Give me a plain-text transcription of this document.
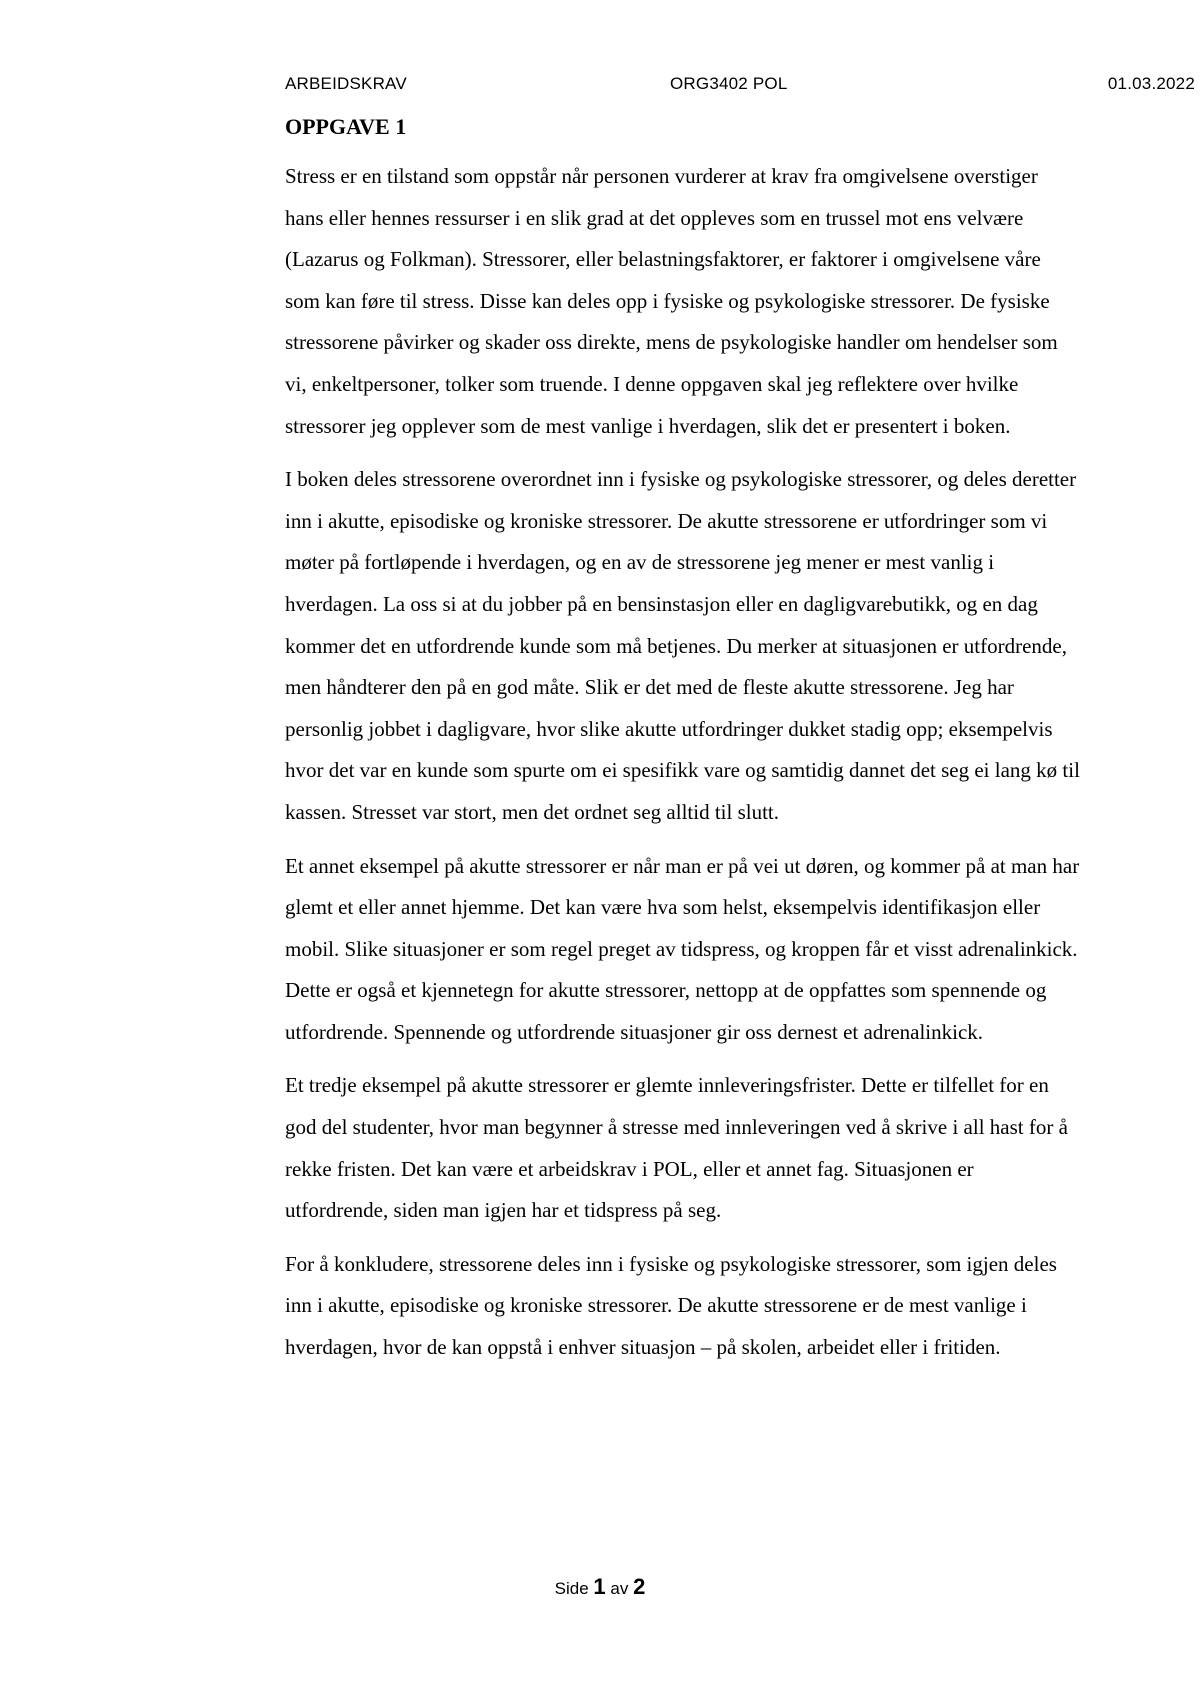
ARBEIDSKRAV	ORG3402 POL	01.03.2022
OPPGAVE 1

Stress er en tilstand som oppstår når personen vurderer at krav fra omgivelsene overstiger hans eller hennes ressurser i en slik grad at det oppleves som en trussel mot ens velvære (Lazarus og Folkman). Stressorer, eller belastningsfaktorer, er faktorer i omgivelsene våre som kan føre til stress. Disse kan deles opp i fysiske og psykologiske stressorer. De fysiske stressorene påvirker og skader oss direkte, mens de psykologiske handler om hendelser som vi, enkeltpersoner, tolker som truende. I denne oppgaven skal jeg reflektere over hvilke stressorer jeg opplever som de mest vanlige i hverdagen, slik det er presentert i boken.

I boken deles stressorene overordnet inn i fysiske og psykologiske stressorer, og deles deretter inn i akutte, episodiske og kroniske stressorer. De akutte stressorene er utfordringer som vi møter på fortløpende i hverdagen, og en av de stressorene jeg mener er mest vanlig i hverdagen. La oss si at du jobber på en bensinstasjon eller en dagligvarebutikk, og en dag kommer det en utfordrende kunde som må betjenes. Du merker at situasjonen er utfordrende, men håndterer den på en god måte. Slik er det med de fleste akutte stressorene. Jeg har personlig jobbet i dagligvare, hvor slike akutte utfordringer dukket stadig opp; eksempelvis hvor det var en kunde som spurte om ei spesifikk vare og samtidig dannet det seg ei lang kø til kassen. Stresset var stort, men det ordnet seg alltid til slutt.

Et annet eksempel på akutte stressorer er når man er på vei ut døren, og kommer på at man har glemt et eller annet hjemme. Det kan være hva som helst, eksempelvis identifikasjon eller mobil. Slike situasjoner er som regel preget av tidspress, og kroppen får et visst adrenalinkick. Dette er også et kjennetegn for akutte stressorer, nettopp at de oppfattes som spennende og utfordrende. Spennende og utfordrende situasjoner gir oss dernest et adrenalinkick.

Et tredje eksempel på akutte stressorer er glemte innleveringsfrister. Dette er tilfellet for en god del studenter, hvor man begynner å stresse med innleveringen ved å skrive i all hast for å rekke fristen. Det kan være et arbeidskrav i POL, eller et annet fag. Situasjonen er utfordrende, siden man igjen har et tidspress på seg.

For å konkludere, stressorene deles inn i fysiske og psykologiske stressorer, som igjen deles inn i akutte, episodiske og kroniske stressorer. De akutte stressorene er de mest vanlige i hverdagen, hvor de kan oppstå i enhver situasjon – på skolen, arbeidet eller i fritiden.

Side 1 av 2
